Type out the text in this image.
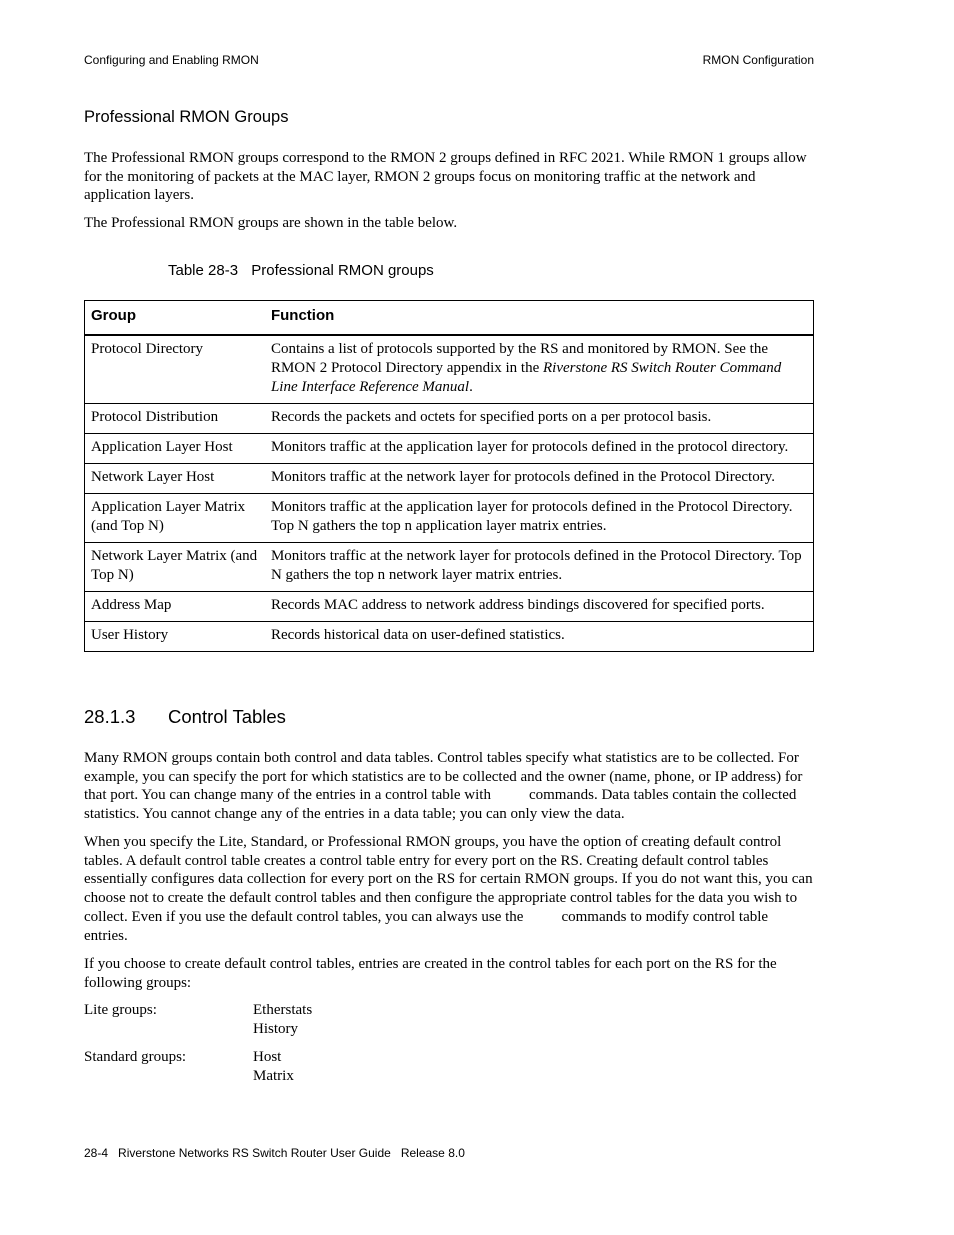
Configuring and Enabling RMON	RMON Configuration
Professional RMON Groups
The Professional RMON groups correspond to the RMON 2 groups defined in RFC 2021. While RMON 1 groups allow for the monitoring of packets at the MAC layer, RMON 2 groups focus on monitoring traffic at the network and application layers.
The Professional RMON groups are shown in the table below.
Table 28-3 Professional RMON groups
Group	Function
Protocol Directory	Contains a list of protocols supported by the RS and monitored by RMON. See the RMON 2 Protocol Directory appendix in the Riverstone RS Switch Router Command Line Interface Reference Manual.
Protocol Distribution	Records the packets and octets for specified ports on a per protocol basis.
Application Layer Host	Monitors traffic at the application layer for protocols defined in the protocol directory.
Network Layer Host	Monitors traffic at the network layer for protocols defined in the Protocol Directory.
Application Layer Matrix (and Top N)	Monitors traffic at the application layer for protocols defined in the Protocol Directory. Top N gathers the top n application layer matrix entries.
Network Layer Matrix (and Top N)	Monitors traffic at the network layer for protocols defined in the Protocol Directory. Top N gathers the top n network layer matrix entries.
Address Map	Records MAC address to network address bindings discovered for specified ports.
User History	Records historical data on user-defined statistics.
28.1.3 Control Tables
Many RMON groups contain both control and data tables. Control tables specify what statistics are to be collected. For example, you can specify the port for which statistics are to be collected and the owner (name, phone, or IP address) for that port. You can change many of the entries in a control table with	commands. Data tables contain the collected statistics. You cannot change any of the entries in a data table; you can only view the data.
When you specify the Lite, Standard, or Professional RMON groups, you have the option of creating default control tables. A default control table creates a control table entry for every port on the RS. Creating default control tables essentially configures data collection for every port on the RS for certain RMON groups. If you do not want this, you can choose not to create the default control tables and then configure the appropriate control tables for the data you wish to collect. Even if you use the default control tables, you can always use the	commands to modify control table entries.
If you choose to create default control tables, entries are created in the control tables for each port on the RS for the following groups:
Lite groups:	Etherstats
History
Standard groups:	Host
Matrix
28-4 Riverstone Networks RS Switch Router User Guide Release 8.0
